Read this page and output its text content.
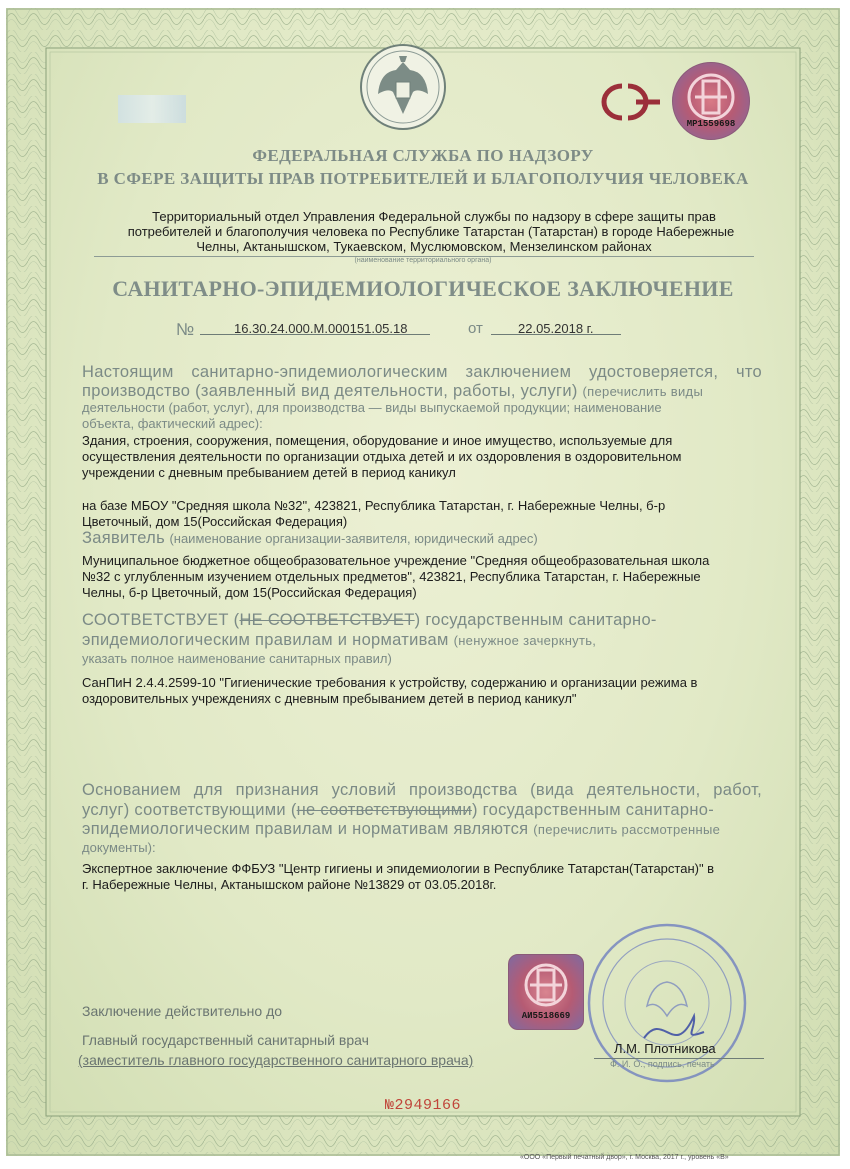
МР1559698
ФЕДЕРАЛЬНАЯ СЛУЖБА ПО НАДЗОРУ
В СФЕРЕ ЗАЩИТЫ ПРАВ ПОТРЕБИТЕЛЕЙ И БЛАГОПОЛУЧИЯ ЧЕЛОВЕКА
Территориальный отдел Управления Федеральной службы по надзору в сфере защиты прав
потребителей и благополучия человека по Республике Татарстан (Татарстан) в городе Набережные
Челны, Актанышском, Тукаевском, Муслюмовском, Мензелинском районах
(наименование территориального органа)
САНИТАРНО-ЭПИДЕМИОЛОГИЧЕСКОЕ ЗАКЛЮЧЕНИЕ
№	16.30.24.000.М.000151.05.18	от	22.05.2018 г.
Настоящим санитарно-эпидемиологическим заключением удостоверяется, что
производство (заявленный вид деятельности, работы, услуги) (перечислить виды
деятельности (работ, услуг), для производства — виды выпускаемой продукции; наименование
объекта, фактический адрес):
Здания, строения, сооружения, помещения, оборудование и иное имущество, используемые для
осуществления деятельности по организации отдыха детей и их оздоровления в оздоровительном
учреждении с дневным пребыванием детей в период каникул
на базе МБОУ "Средняя школа №32", 423821, Республика Татарстан, г. Набережные Челны, б-р
Цветочный, дом 15(Российская Федерация)
Заявитель (наименование организации-заявителя, юридический адрес)
Муниципальное бюджетное общеобразовательное учреждение "Средняя общеобразовательная школа
№32 с углубленным изучением отдельных предметов", 423821, Республика Татарстан, г. Набережные
Челны, б-р Цветочный, дом 15(Российская Федерация)
СООТВЕТСТВУЕТ (НЕ СООТВЕТСТВУЕТ) государственным санитарно-
эпидемиологическим правилам и нормативам (ненужное зачеркнуть,
указать полное наименование санитарных правил)
СанПиН 2.4.4.2599-10 "Гигиенические требования к устройству, содержанию и организации режима в
оздоровительных учреждениях с дневным пребыванием детей в период каникул"
Основанием для признания условий производства (вида деятельности, работ,
услуг) соответствующими (не соответствующими) государственным санитарно-
эпидемиологическим правилам и нормативам являются (перечислить рассмотренные
документы):
Экспертное заключение ФФБУЗ "Центр гигиены и эпидемиологии в Республике Татарстан(Татарстан)" в
г. Набережные Челны, Актанышском районе №13829 от 03.05.2018г.
Заключение действительно до
Главный государственный санитарный врач
(заместитель главного государственного санитарного врача)
АИ5518669
Л.М. Плотникова
Ф. И. О., подпись, печать
№2949166
«ООО «Первый печатный двор», г. Москва, 2017 г., уровень «В»
